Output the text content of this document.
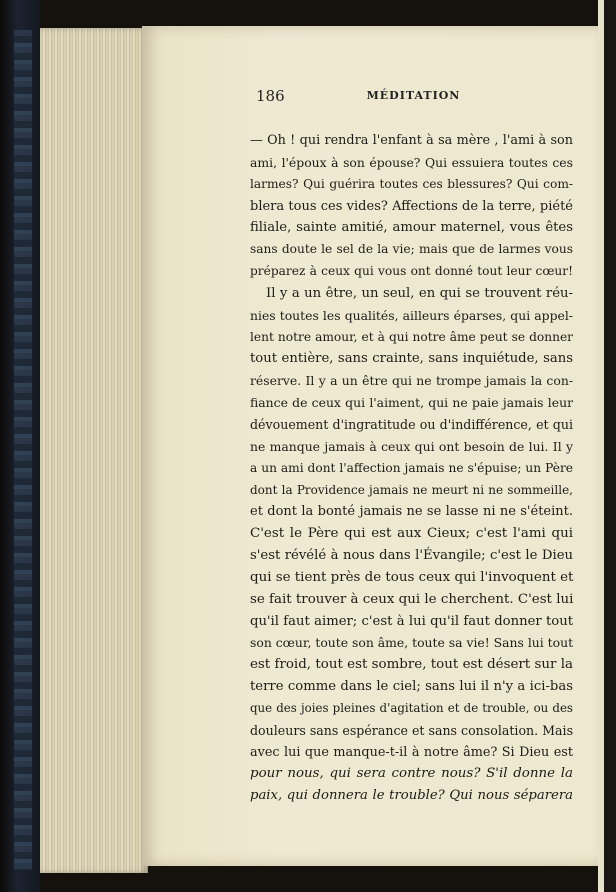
186	MÉDITATION
— Oh ! qui rendra l'enfant à sa mère , l'ami à son
ami, l'époux à son épouse? Qui essuiera toutes ces
larmes? Qui guérira toutes ces blessures? Qui com-
blera tous ces vides? Affections de la terre, piété
filiale, sainte amitié, amour maternel, vous êtes
sans doute le sel de la vie; mais que de larmes vous
préparez à ceux qui vous ont donné tout leur cœur!
Il y a un être, un seul, en qui se trouvent réu-
nies toutes les qualités, ailleurs éparses, qui appel-
lent notre amour, et à qui notre âme peut se donner
tout entière, sans crainte, sans inquiétude, sans
réserve. Il y a un être qui ne trompe jamais la con-
fiance de ceux qui l'aiment, qui ne paie jamais leur
dévouement d'ingratitude ou d'indifférence, et qui
ne manque jamais à ceux qui ont besoin de lui. Il y
a un ami dont l'affection jamais ne s'épuise; un Père
dont la Providence jamais ne meurt ni ne sommeille,
et dont la bonté jamais ne se lasse ni ne s'éteint.
C'est le Père qui est aux Cieux; c'est l'ami qui
s'est révélé à nous dans l'Évangile; c'est le Dieu
qui se tient près de tous ceux qui l'invoquent et
se fait trouver à ceux qui le cherchent. C'est lui
qu'il faut aimer; c'est à lui qu'il faut donner tout
son cœur, toute son âme, toute sa vie! Sans lui tout
est froid, tout est sombre, tout est désert sur la
terre comme dans le ciel; sans lui il n'y a ici-bas
que des joies pleines d'agitation et de trouble, ou des
douleurs sans espérance et sans consolation. Mais
avec lui que manque-t-il à notre âme? Si Dieu est
pour nous, qui sera contre nous? S'il donne la
paix, qui donnera le trouble? Qui nous séparera
